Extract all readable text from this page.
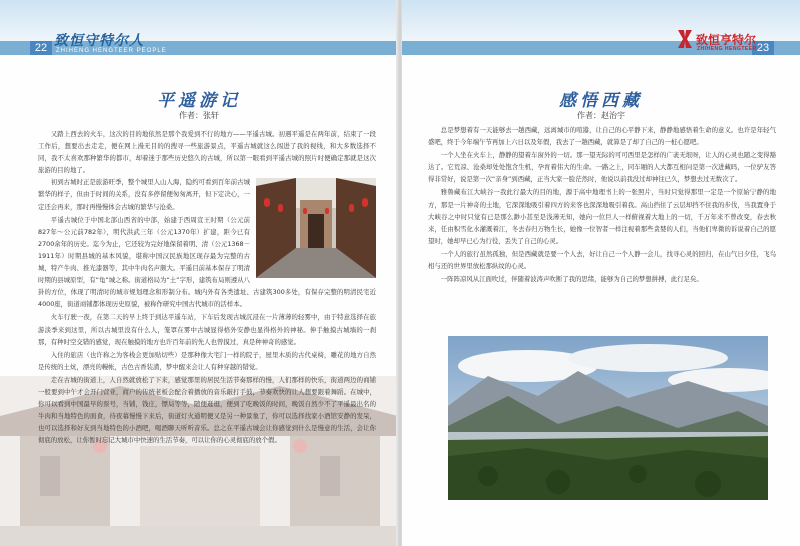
22 致恒守特尔人
ZHIHENG HENGTEER PEOPLE
平遥游记
作者：张轩

又踏上西去的火车，这次的目的地依然是那个我爱到不行的地方——平遥古城。初遇平遥是在两年前，结束了一段工作后，想要出去走走，便在网上漫无目的的搜寻一些旅游景点，平遥古城就这么闯进了我的视线，和大多数选择不同，我不太喜欢那种繁华的都市，却着迷于那些历史悠久的古城，所以第一眼看到平遥古城的照片时便确定那就是这次旅游的目的地了。

初到古城时正是旅游旺季，整个城里人山人海，隐约可看到百年前古城繁华的样子，但由于时间的关系，没有多停留便匆匆离开，但下定决心，一定还会再来，那时再慢慢体会古城的繁华与沧桑。

平遥古城位于中国北部山西省的中部，始建于西周宣王时期（公元前827年～公元前782年），明代洪武三年（公元1370年）扩建，距今已有2700余年的历史。迄今为止，它还较为完好地保留着明、清（公元1368－1911年）时期县城的基本风貌，堪称中国汉民族地区现存最为完整的古城，特产牛肉、推光漆器等，其中牛肉名声颇大。平遥目前基本保存了明清时期的县城原型，有“龟”城之称。街道格局为“土”字形，建筑布局则遵从八卦的方位，体现了明清时的城市规划理念和形制分布。城内外有各类遗址、古建筑300多处，有保存完整的明清民宅近4000座，街道商铺都体现历史原貌，被称作研究中国古代城市的活样本。

火车行驶一夜，在第二天的早上终于到达平遥车站，下车后发现古城沉浸在一片薄薄的轻雾中，由于特意选择在旅游淡季来到这里，所以古城里没有什么人，笼罩在雾中古城显得格外安静也显得格外的神秘。伸手触摸古城墙的一刹那，有种时空交错的感觉，现在触摸的地方也许百年前的先人也曾摸过，真是种神奇的感觉。

入住的旅店（也许称之为客栈会更加贴切些）是那种像大宅门一样的院子，屋里木质的古代桌椅，雕花的地方自然是传统的土炕，漂亮的幔帐，古色古香装潢，梦中醒来会让人有种穿越的错觉。

走在古城的街道上，人自然就放松了下来，感觉那里的居民生活节奏那样的慢，人们那样的快乐，街道两边的商铺一般要到中午才会开门营业，商户的传统老板会配合着播放的音乐敲打手鼓，节奏欢快的让人想要跟着舞蹈。在城中，你可以看到中国最早的票号，当铺，钱庄，镖局等等，随便逛逛，便到了吃晚饭的时间，晚饭自然少不了平遥最出名的牛肉和当地特色的面食，待夜幕慢慢下来后，街道灯火通明便又是另一种景象了，你可以选择找家小酒馆安静的发呆，也可以选择和好友到当地特色的小酒吧，喝酒聊天听听音乐。总之在平遥古城会让你感觉到什么是慢意的生活，会让你彻底的放松，让你暂时忘记大城市中快速的生活节奏，可以让你的心灵彻底的放个假。

23
致恒亨特尔
ZHIHENG HENGTEER
感悟西藏
作者：赵治宇

总是梦想着有一天能够去一趟西藏，远离城市的喧嚣，让自己的心平静下来，静静地感悟着生命的意义。也许是年轻气盛吧，终于今年端午节再加上六日以及年假，我去了一趟西藏，就算是了却了自己的一桩心愿吧。

一个人坐在火车上，静静的望着车窗外的一切。那一望无际的可可西里是怎样的广袤无垠呀，让人的心灵也随之变得豁达了。它荒凉、沧桑却处处饱含生机，孕育着伟大的生命。一路之上，同车厢的人大都互相问是第一次进藏吗，一位驴友答得非常好，说是第一次“亲身”到西藏，正当大家一脸茫然时，他说以前我没过却神往已久，梦想去过无数次了。

雅鲁藏布江大峡谷一我此行最大的目的地，源于高中地理书上的一张照片，当时只觉得那里一定是一个原始宁静的地方，那是一片神奇的土地，它深深地吸引着四方的来客也深深地吸引着我。高山挡住了云层却挡不住我的步伐，当我置身于大峡谷之中时只觉有已是那么渺小甚至是浅薄无知，她向一位巨人一样俯视着大地上的一切，千万年来不曾改变，春去秋来，任由积雪化水灌溉着江，冬去春归万物生长，她像一位智者一样注视着那些贪婪的人们，当他们卑微的诉说着自己的愿望时，她却早已心为行役，丢失了自己的心灵。

一个人的旅行虽然孤独，但是西藏就是要一个人去，好让自己一个人静一会儿，找寻心灵的回归，在山气日夕佳，飞鸟相与还的世界里放松那纵纹的心灵。

一阵阵凉风从江面吹过，伴随着波涛声吹断了我的思绪，能够为自己的梦想拼搏，此行足矣。
